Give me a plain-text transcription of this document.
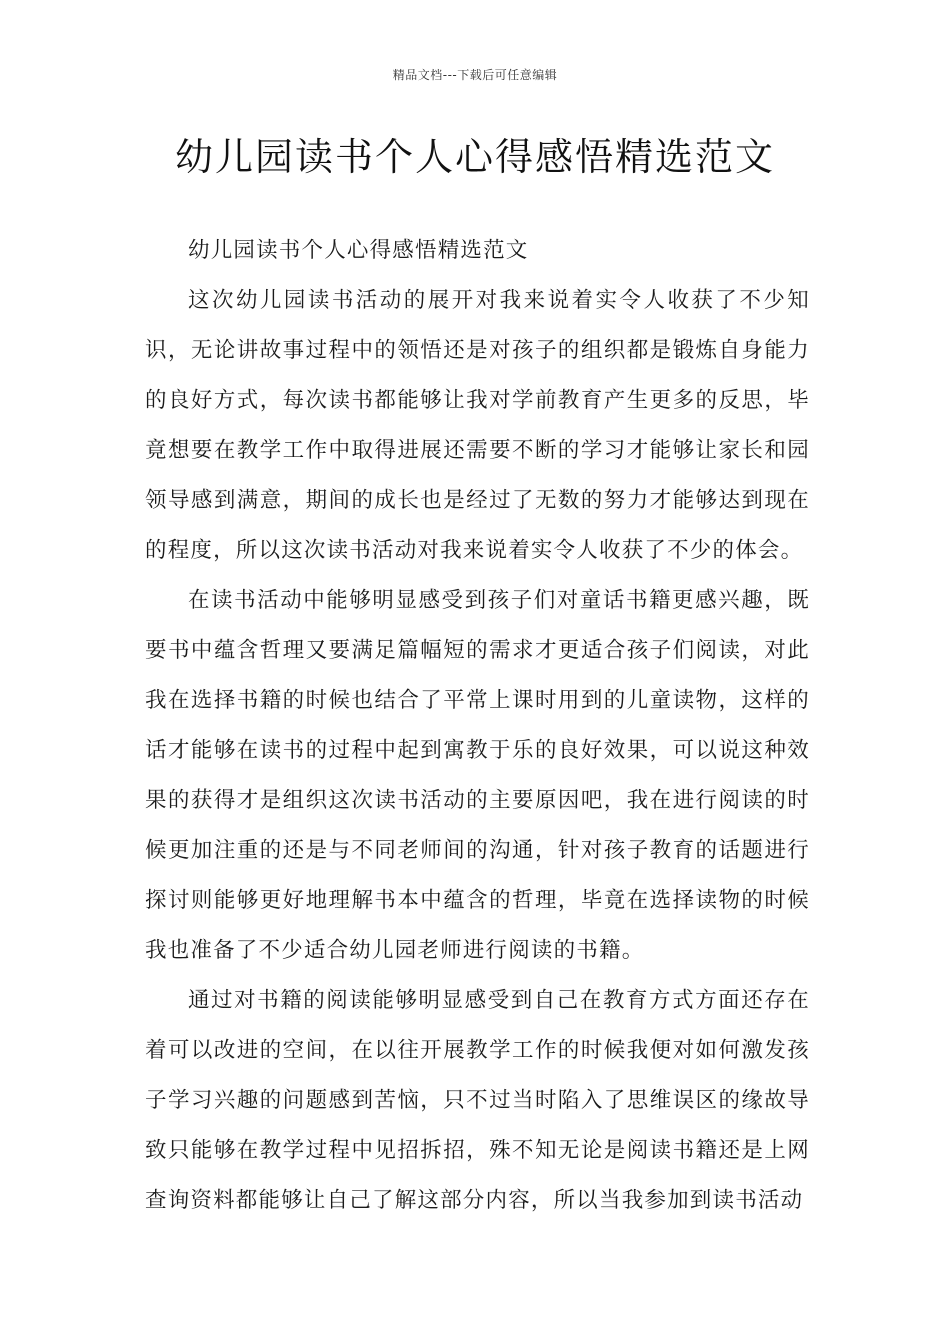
精品文档---下载后可任意编辑
幼儿园读书个人心得感悟精选范文

幼儿园读书个人心得感悟精选范文

这次幼儿园读书活动的展开对我来说着实令人收获了不少知识，无论讲故事过程中的领悟还是对孩子的组织都是锻炼自身能力的良好方式，每次读书都能够让我对学前教育产生更多的反思，毕竟想要在教学工作中取得进展还需要不断的学习才能够让家长和园领导感到满意，期间的成长也是经过了无数的努力才能够达到现在的程度，所以这次读书活动对我来说着实令人收获了不少的体会。

在读书活动中能够明显感受到孩子们对童话书籍更感兴趣，既要书中蕴含哲理又要满足篇幅短的需求才更适合孩子们阅读，对此我在选择书籍的时候也结合了平常上课时用到的儿童读物，这样的话才能够在读书的过程中起到寓教于乐的良好效果，可以说这种效果的获得才是组织这次读书活动的主要原因吧，我在进行阅读的时候更加注重的还是与不同老师间的沟通，针对孩子教育的话题进行探讨则能够更好地理解书本中蕴含的哲理，毕竟在选择读物的时候我也准备了不少适合幼儿园老师进行阅读的书籍。

通过对书籍的阅读能够明显感受到自己在教育方式方面还存在着可以改进的空间，在以往开展教学工作的时候我便对如何激发孩子学习兴趣的问题感到苦恼，只不过当时陷入了思维误区的缘故导致只能够在教学过程中见招拆招，殊不知无论是阅读书籍还是上网查询资料都能够让自己了解这部分内容，所以当我参加到读书活动
